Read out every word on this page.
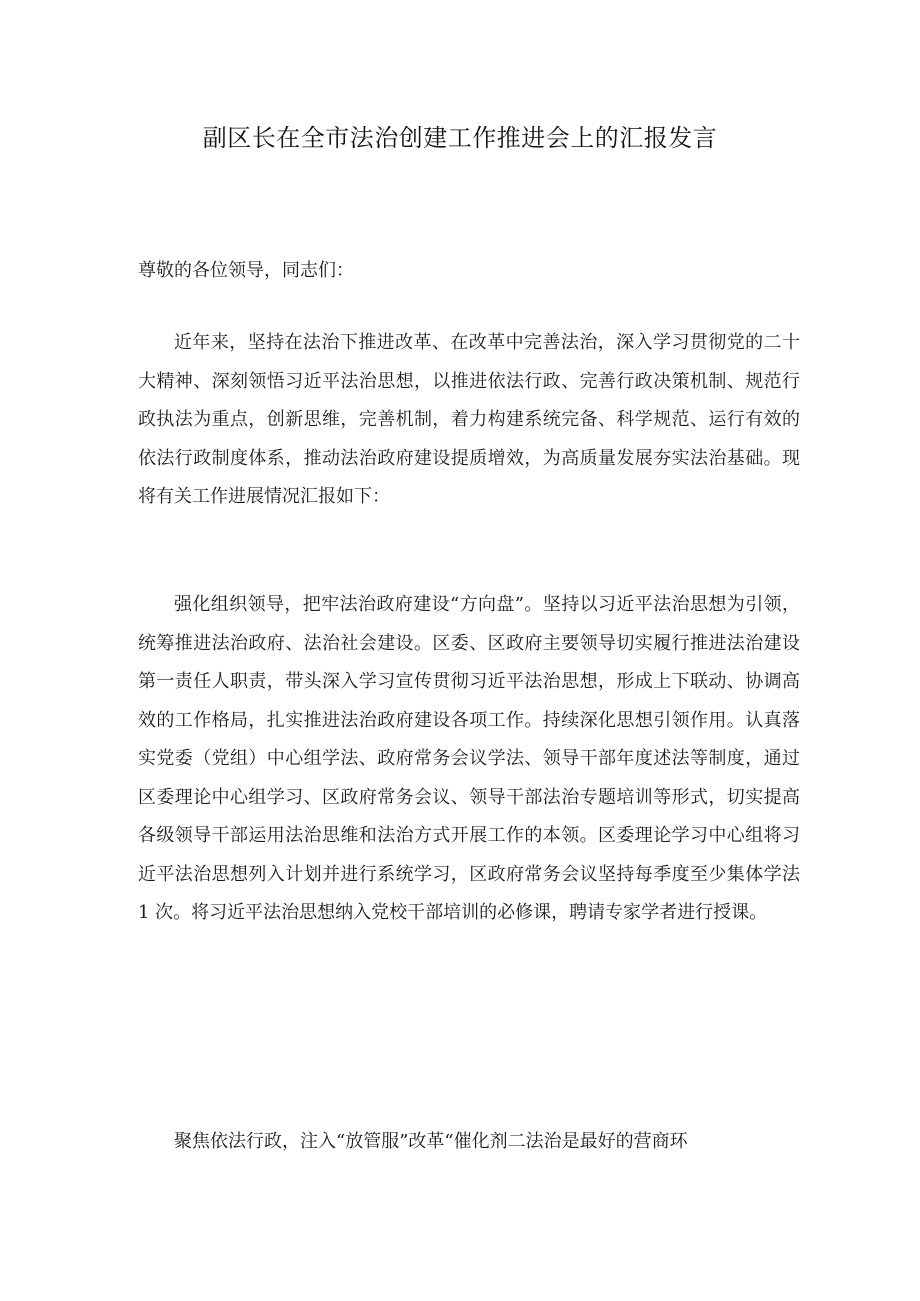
副区长在全市法治创建工作推进会上的汇报发言

尊敬的各位领导，同志们：

近年来，坚持在法治下推进改革、在改革中完善法治，深入学习贯彻党的二十大精神、深刻领悟习近平法治思想，以推进依法行政、完善行政决策机制、规范行政执法为重点，创新思维，完善机制，着力构建系统完备、科学规范、运行有效的依法行政制度体系，推动法治政府建设提质增效，为高质量发展夯实法治基础。现将有关工作进展情况汇报如下：

强化组织领导，把牢法治政府建设“方向盘”。坚持以习近平法治思想为引领，统筹推进法治政府、法治社会建设。区委、区政府主要领导切实履行推进法治建设第一责任人职责，带头深入学习宣传贯彻习近平法治思想，形成上下联动、协调高效的工作格局，扎实推进法治政府建设各项工作。持续深化思想引领作用。认真落实党委（党组）中心组学法、政府常务会议学法、领导干部年度述法等制度，通过区委理论中心组学习、区政府常务会议、领导干部法治专题培训等形式，切实提高各级领导干部运用法治思维和法治方式开展工作的本领。区委理论学习中心组将习近平法治思想列入计划并进行系统学习，区政府常务会议坚持每季度至少集体学法 1 次。将习近平法治思想纳入党校干部培训的必修课，聘请专家学者进行授课。

聚焦依法行政，注入“放管服”改革“催化剂二法治是最好的营商环
